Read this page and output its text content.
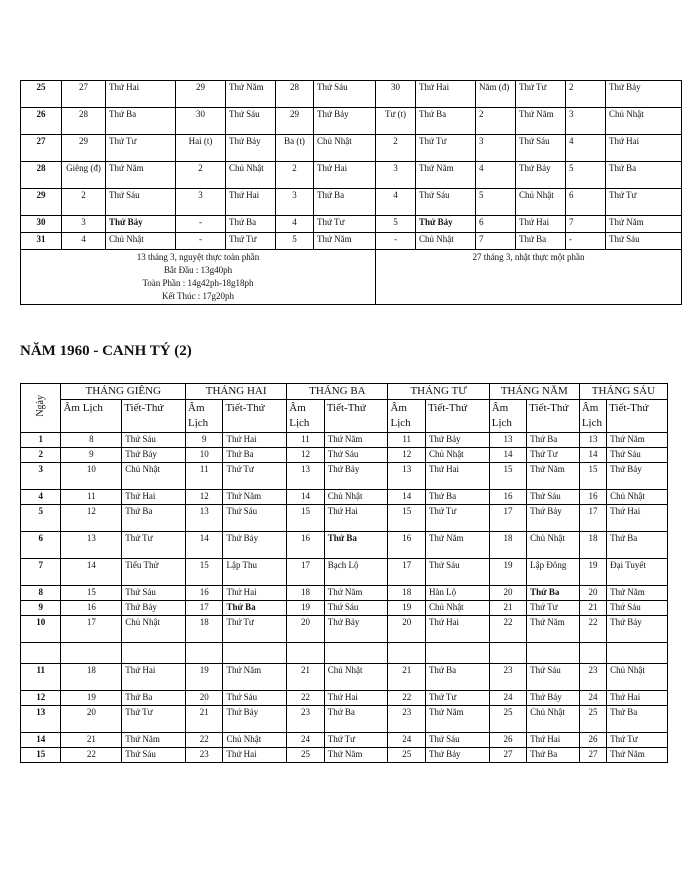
25	27	Thứ Hai	29	Thứ Năm	28	Thứ Sáu	30	Thứ Hai	Năm (đ)	Thứ Tư	2	Thứ Bảy
26	28	Thứ Ba	30	Thứ Sáu	29	Thứ Bảy	Tư (t)	Thứ Ba	2	Thứ Năm	3	Chủ Nhật
27	29	Thứ Tư	Hai (t)	Thứ Bảy	Ba (t)	Chủ Nhật	2	Thứ Tư	3	Thứ Sáu	4	Thứ Hai
28	Giêng (đ)	Thứ Năm	2	Chủ Nhật	2	Thứ Hai	3	Thứ Năm	4	Thứ Bảy	5	Thứ Ba
29	2	Thứ Sáu	3	Thứ Hai	3	Thứ Ba	4	Thứ Sáu	5	Chủ Nhật	6	Thứ Tư
30	3	Thứ Bảy	-	Thứ Ba	4	Thứ Tư	5	Thứ Bảy	6	Thứ Hai	7	Thứ Năm
31	4	Chủ Nhật	-	Thứ Tư	5	Thứ Năm	-	Chủ Nhật	7	Thứ Ba	-	Thứ Sáu

13 tháng 3, nguyệt thực toàn phần
Bắt Đầu : 13g40ph
Toàn Phần : 14g42ph-18g18ph
Kết Thúc : 17g20ph							27 tháng 3, nhật thực một phần					
NĂM 1960 - CANH TÝ (2)
Ngày	THÁNG GIÊNG		THÁNG HAI		THÁNG BA		THÁNG TƯ		THÁNG NĂM		THÁNG SÁU	
	Âm Lịch	Tiết-Thứ	Âm Lịch	Tiết-Thứ	Âm Lịch	Tiết-Thứ	Âm Lịch	Tiết-Thứ	Âm Lịch	Tiết-Thứ	Âm Lịch	Tiết-Thứ
1	8	Thứ Sáu	9	Thứ Hai	11	Thứ Năm	11	Thứ Bảy	13	Thứ Ba	13	Thứ Năm
2	9	Thứ Bảy	10	Thứ Ba	12	Thứ Sáu	12	Chủ Nhật	14	Thứ Tư	14	Thứ Sáu
3	10	Chủ Nhật	11	Thứ Tư	13	Thứ Bảy	13	Thứ Hai	15	Thứ Năm	15	Thứ Bảy
4	11	Thứ Hai	12	Thứ Năm	14	Chủ Nhật	14	Thứ Ba	16	Thứ Sáu	16	Chủ Nhật
5	12	Thứ Ba	13	Thứ Sáu	15	Thứ Hai	15	Thứ Tư	17	Thứ Bảy	17	Thứ Hai
6	13	Thứ Tư	14	Thứ Bảy	16	Thứ Ba	16	Thứ Năm	18	Chủ Nhật	18	Thứ Ba
7	14	Tiểu Thử	15	Lập Thu	17	Bạch Lộ	17	Thứ Sáu	19	Lập Đông	19	Đại Tuyết
8	15	Thứ Sáu	16	Thứ Hai	18	Thứ Năm	18	Hàn Lộ	20	Thứ Ba	20	Thứ Năm
9	16	Thứ Bảy	17	Thứ Ba	19	Thứ Sáu	19	Chủ Nhật	21	Thứ Tư	21	Thứ Sáu
10	17	Chủ Nhật	18	Thứ Tư	20	Thứ Bảy	20	Thứ Hai	22	Thứ Năm	22	Thứ Bảy

11	18	Thứ Hai	19	Thứ Năm	21	Chủ Nhật	21	Thứ Ba	23	Thứ Sáu	23	Chủ Nhật
12	19	Thứ Ba	20	Thứ Sáu	22	Thứ Hai	22	Thứ Tư	24	Thứ Bảy	24	Thứ Hai
13	20	Thứ Tư	21	Thứ Bảy	23	Thứ Ba	23	Thứ Năm	25	Chủ Nhật	25	Thứ Ba
14	21	Thứ Năm	22	Chủ Nhật	24	Thứ Tư	24	Thứ Sáu	26	Thứ Hai	26	Thứ Tư
15	22	Thứ Sáu	23	Thứ Hai	25	Thứ Năm	25	Thứ Bảy	27	Thứ Ba	27	Thứ Năm
